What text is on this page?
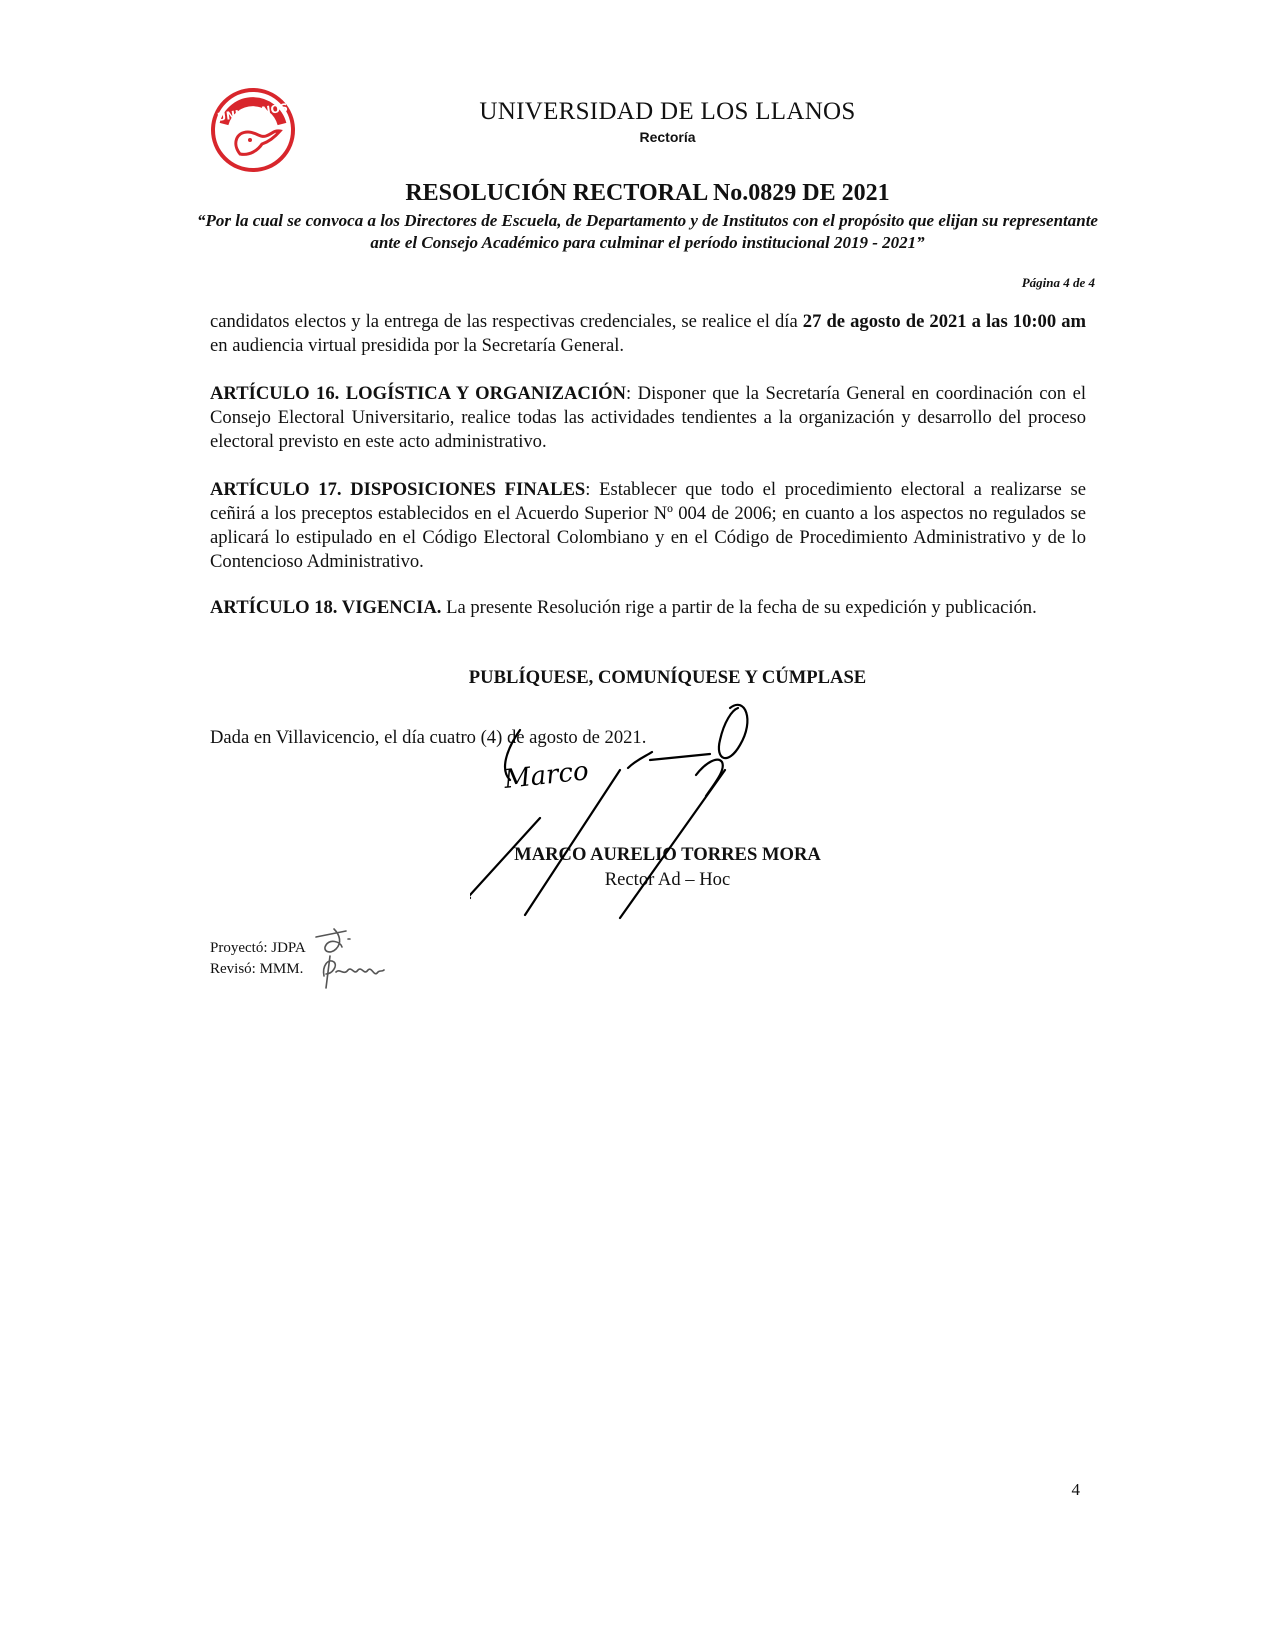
UNILLANOS	UNIVERSIDAD DE LOS LLANOS
Rectoría
RESOLUCIÓN RECTORAL No.0829 DE 2021
“Por la cual se convoca a los Directores de Escuela, de Departamento y de Institutos con el propósito que elijan su representante ante el Consejo Académico para culminar el período institucional 2019 - 2021”
Página 4 de 4
candidatos electos y la entrega de las respectivas credenciales, se realice el día 27 de agosto de 2021 a las 10:00 am en audiencia virtual presidida por la Secretaría General.
ARTÍCULO 16. LOGÍSTICA Y ORGANIZACIÓN: Disponer que la Secretaría General en coordinación con el Consejo Electoral Universitario, realice todas las actividades tendientes a la organización y desarrollo del proceso electoral previsto en este acto administrativo.
ARTÍCULO 17. DISPOSICIONES FINALES: Establecer que todo el procedimiento electoral a realizarse se ceñirá a los preceptos establecidos en el Acuerdo Superior Nº 004 de 2006; en cuanto a los aspectos no regulados se aplicará lo estipulado en el Código Electoral Colombiano y en el Código de Procedimiento Administrativo y de lo Contencioso Administrativo.
ARTÍCULO 18. VIGENCIA. La presente Resolución rige a partir de la fecha de su expedición y publicación.
PUBLÍQUESE, COMUNÍQUESE Y CÚMPLASE
Dada en Villavicencio, el día cuatro (4) de agosto de 2021.
MARCO AURELIO TORRES MORA
Rector Ad – Hoc
Marco
Proyectó: JDPA
Revisó: MMM.
4
